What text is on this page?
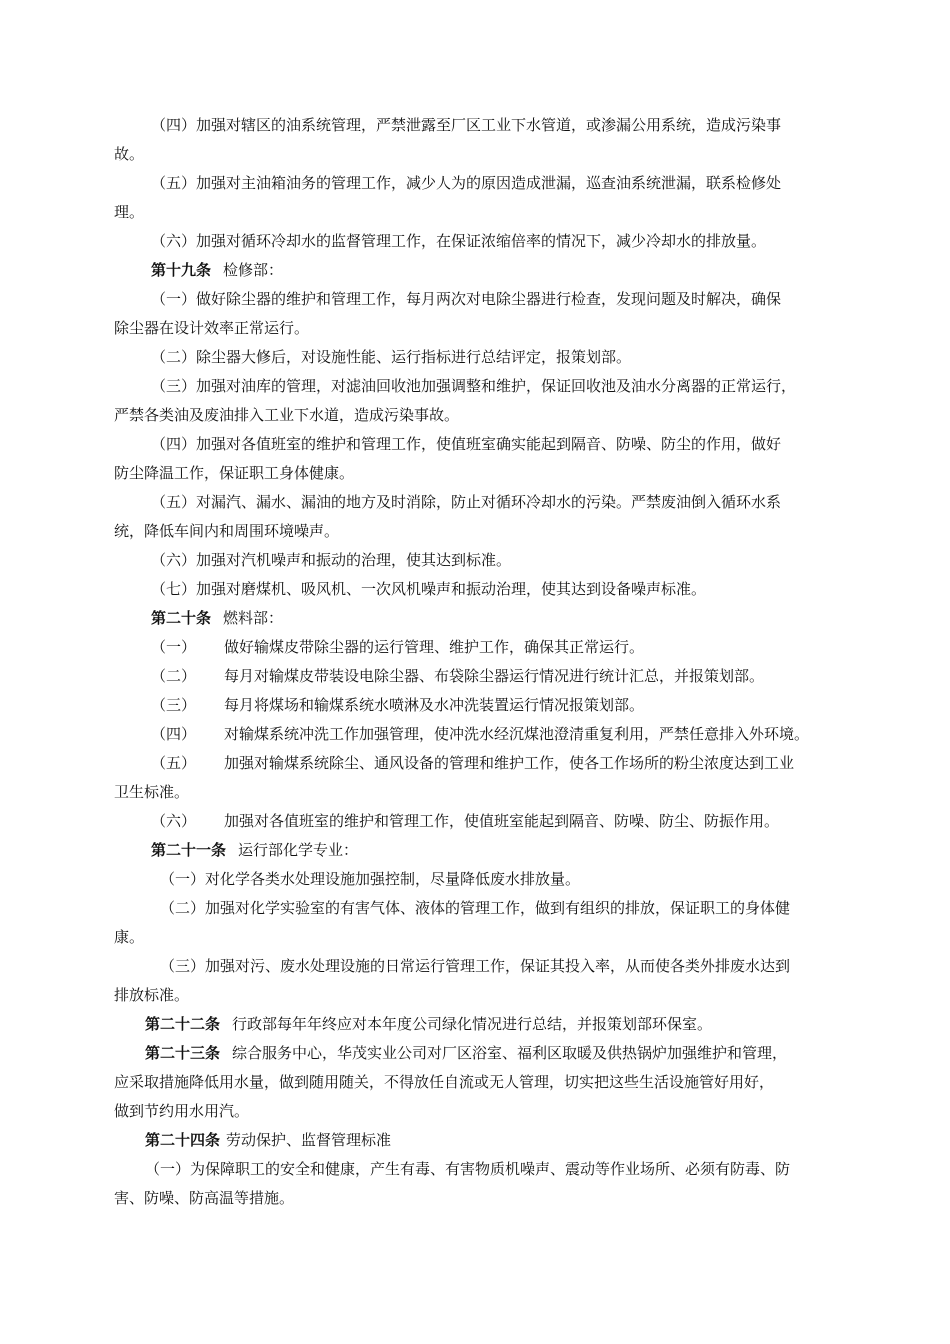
（四）加强对辖区的油系统管理，严禁泄露至厂区工业下水管道，或渗漏公用系统，造成污染事
故。
（五）加强对主油箱油务的管理工作，减少人为的原因造成泄漏，巡查油系统泄漏，联系检修处
理。
（六）加强对循环冷却水的监督管理工作，在保证浓缩倍率的情况下，减少冷却水的排放量。
第十九条 检修部：
（一）做好除尘器的维护和管理工作，每月两次对电除尘器进行检查，发现问题及时解决，确保
除尘器在设计效率正常运行。
（二）除尘器大修后，对设施性能、运行指标进行总结评定，报策划部。
（三）加强对油库的管理，对滤油回收池加强调整和维护，保证回收池及油水分离器的正常运行，
严禁各类油及废油排入工业下水道，造成污染事故。
（四）加强对各值班室的维护和管理工作，使值班室确实能起到隔音、防噪、防尘的作用，做好
防尘降温工作，保证职工身体健康。
（五）对漏汽、漏水、漏油的地方及时消除，防止对循环冷却水的污染。严禁废油倒入循环水系
统，降低车间内和周围环境噪声。
（六）加强对汽机噪声和振动的治理，使其达到标准。
（七）加强对磨煤机、吸风机、一次风机噪声和振动治理，使其达到设备噪声标准。
第二十条 燃料部：
（一） 做好输煤皮带除尘器的运行管理、维护工作，确保其正常运行。
（二） 每月对输煤皮带装设电除尘器、布袋除尘器运行情况进行统计汇总，并报策划部。
（三） 每月将煤场和输煤系统水喷淋及水冲洗装置运行情况报策划部。
（四） 对输煤系统冲洗工作加强管理，使冲洗水经沉煤池澄清重复利用，严禁任意排入外环境。
（五） 加强对输煤系统除尘、通风设备的管理和维护工作，使各工作场所的粉尘浓度达到工业
卫生标准。
（六） 加强对各值班室的维护和管理工作，使值班室能起到隔音、防噪、防尘、防振作用。
第二十一条 运行部化学专业：
（一）对化学各类水处理设施加强控制，尽量降低废水排放量。
（二）加强对化学实验室的有害气体、液体的管理工作，做到有组织的排放，保证职工的身体健
康。
（三）加强对污、废水处理设施的日常运行管理工作，保证其投入率，从而使各类外排废水达到
排放标准。
第二十二条 行政部每年年终应对本年度公司绿化情况进行总结，并报策划部环保室。
第二十三条 综合服务中心，华茂实业公司对厂区浴室、福利区取暖及供热锅炉加强维护和管理，
应采取措施降低用水量，做到随用随关，不得放任自流或无人管理，切实把这些生活设施管好用好，
做到节约用水用汽。
第二十四条 劳动保护、监督管理标准
（一）为保障职工的安全和健康，产生有毒、有害物质机噪声、震动等作业场所、必须有防毒、防
害、防噪、防高温等措施。
